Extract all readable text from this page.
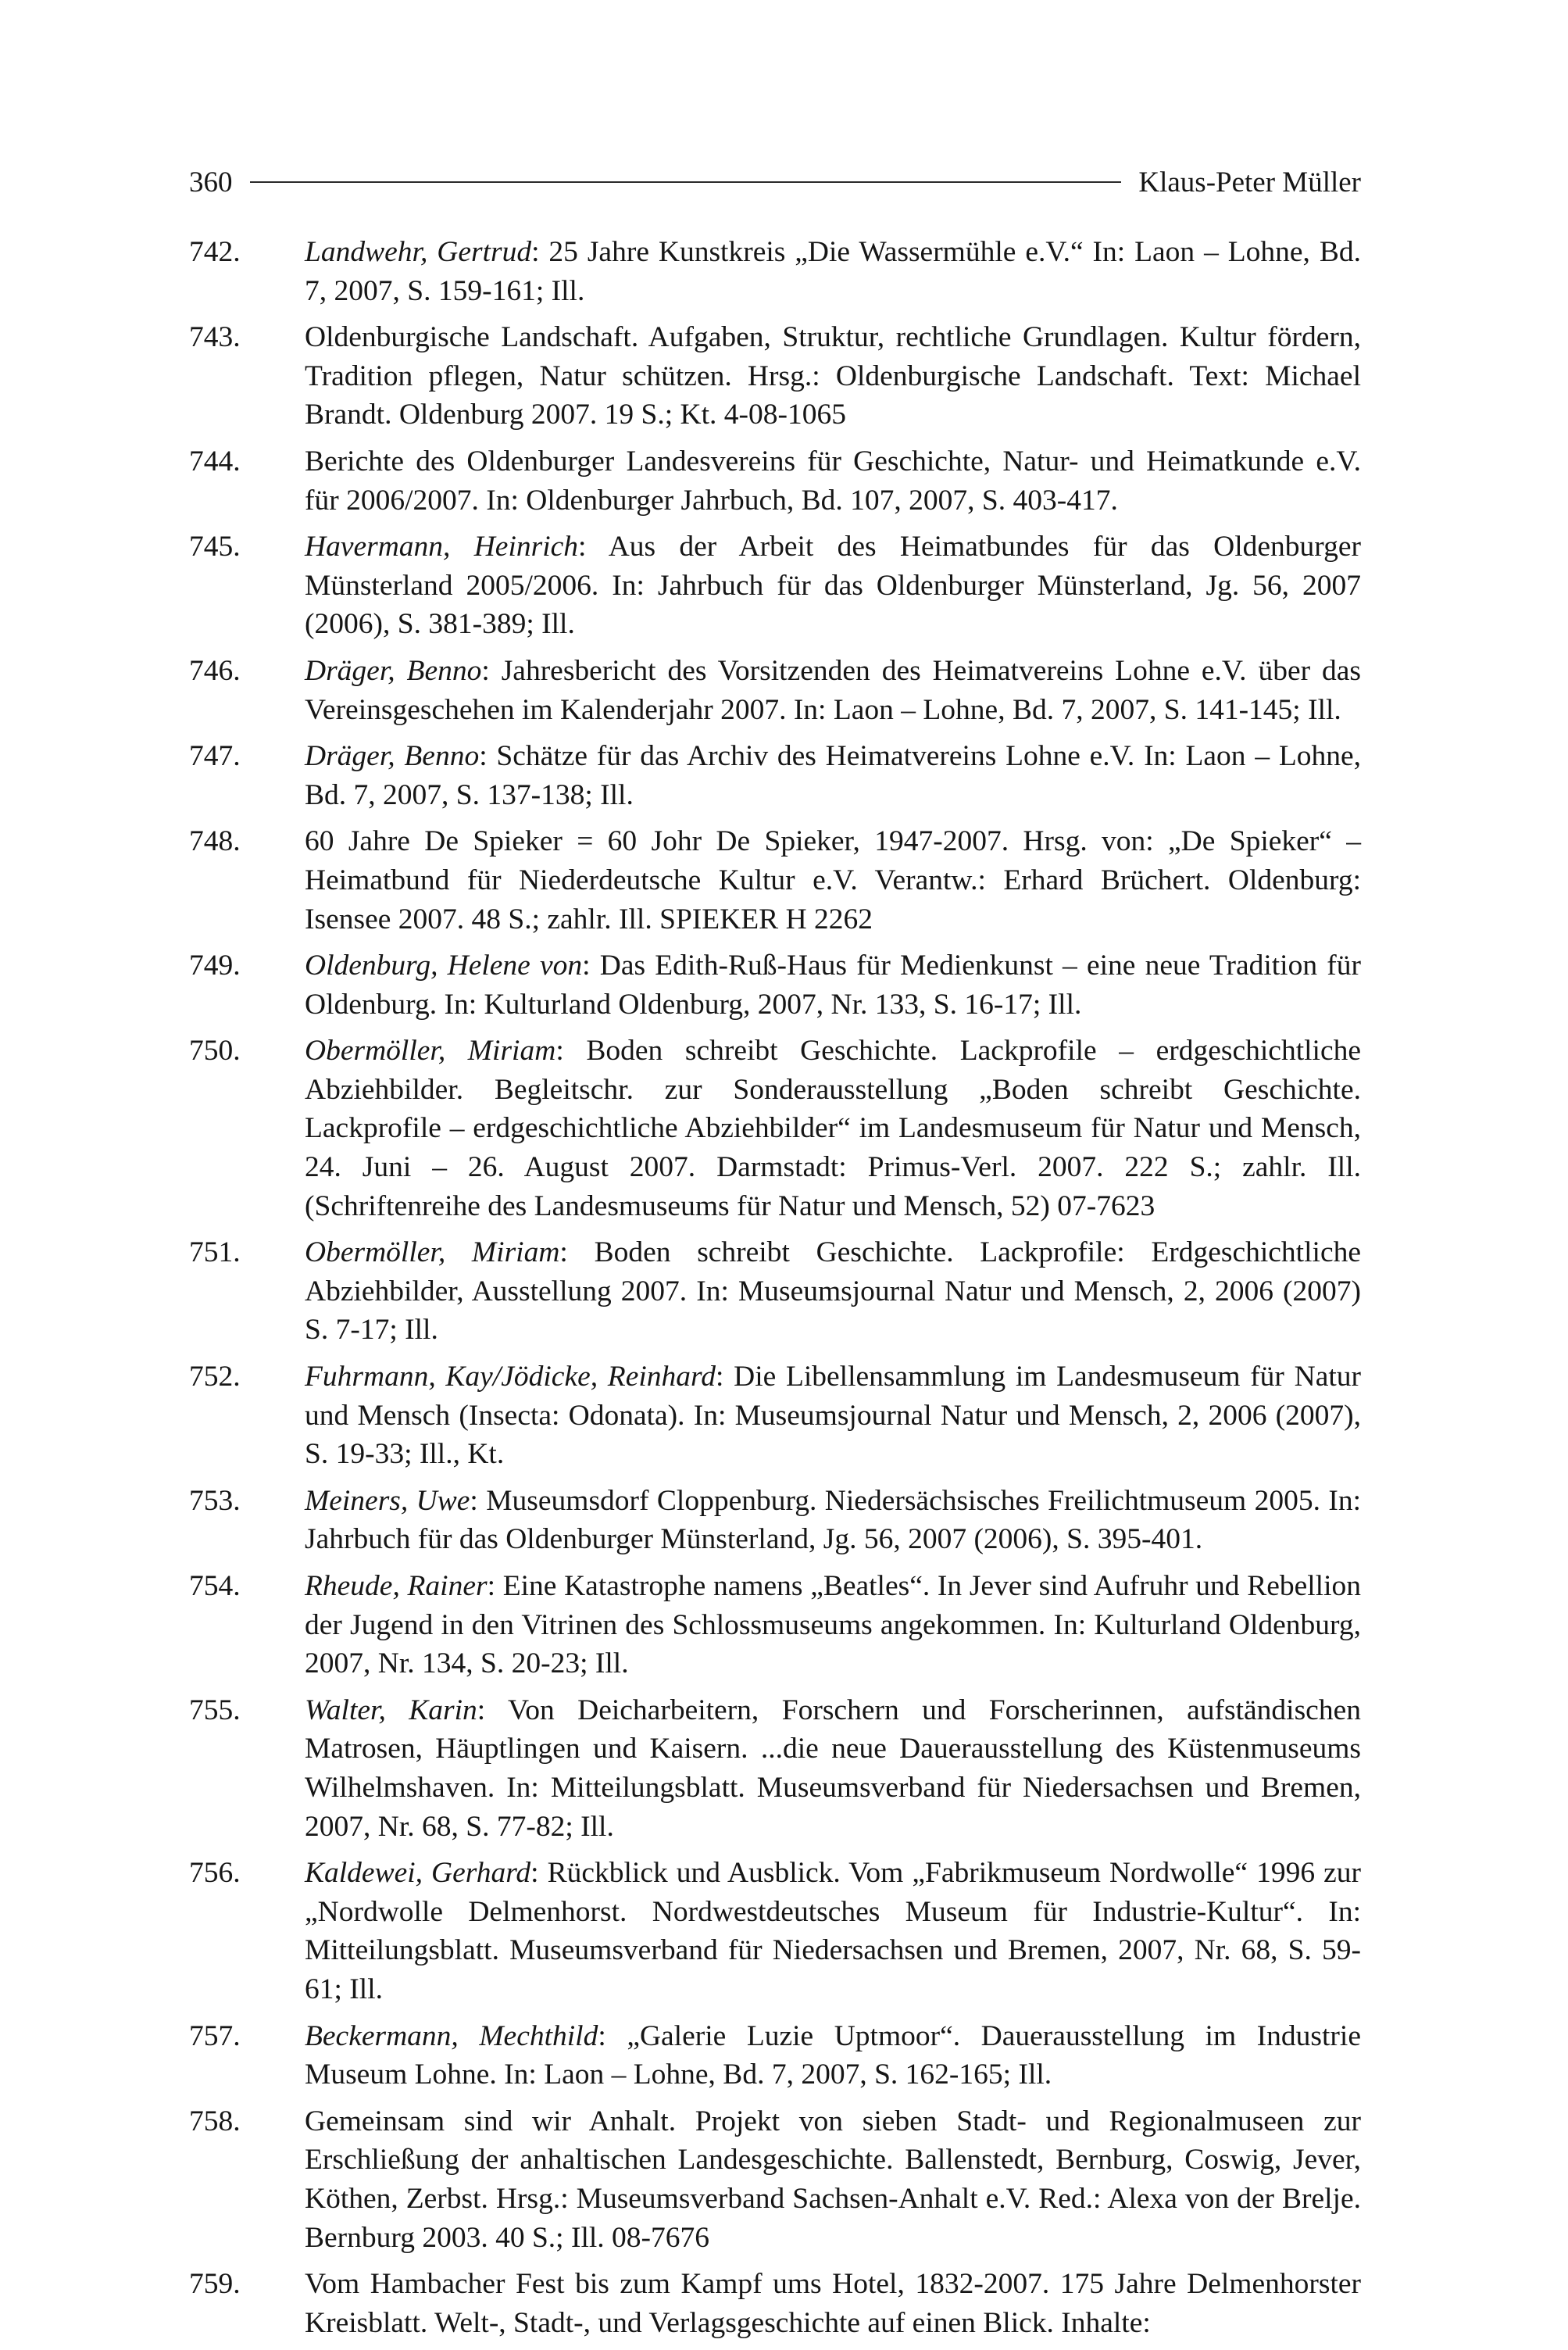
360	Klaus-Peter Müller
742.	Landwehr, Gertrud: 25 Jahre Kunstkreis „Die Wassermühle e.V.“ In: Laon – Lohne, Bd. 7, 2007, S. 159-161; Ill.
743.	Oldenburgische Landschaft. Aufgaben, Struktur, rechtliche Grundlagen. Kultur fördern, Tradition pflegen, Natur schützen. Hrsg.: Oldenburgische Landschaft. Text: Michael Brandt. Oldenburg 2007. 19 S.; Kt. 4-08-1065
744.	Berichte des Oldenburger Landesvereins für Geschichte, Natur- und Heimatkunde e.V. für 2006/2007. In: Oldenburger Jahrbuch, Bd. 107, 2007, S. 403-417.
745.	Havermann, Heinrich: Aus der Arbeit des Heimatbundes für das Oldenburger Münsterland 2005/2006. In: Jahrbuch für das Oldenburger Münsterland, Jg. 56, 2007 (2006), S. 381-389; Ill.
746.	Dräger, Benno: Jahresbericht des Vorsitzenden des Heimatvereins Lohne e.V. über das Vereinsgeschehen im Kalenderjahr 2007. In: Laon – Lohne, Bd. 7, 2007, S. 141-145; Ill.
747.	Dräger, Benno: Schätze für das Archiv des Heimatvereins Lohne e.V. In: Laon – Lohne, Bd. 7, 2007, S. 137-138; Ill.
748.	60 Jahre De Spieker = 60 Johr De Spieker, 1947-2007. Hrsg. von: „De Spieker“ – Heimatbund für Niederdeutsche Kultur e.V. Verantw.: Erhard Brüchert. Oldenburg: Isensee 2007. 48 S.; zahlr. Ill. SPIEKER H 2262
749.	Oldenburg, Helene von: Das Edith-Ruß-Haus für Medienkunst – eine neue Tradition für Oldenburg. In: Kulturland Oldenburg, 2007, Nr. 133, S. 16-17; Ill.
750.	Obermöller, Miriam: Boden schreibt Geschichte. Lackprofile – erdgeschichtliche Abziehbilder. Begleitschr. zur Sonderausstellung „Boden schreibt Geschichte. Lackprofile – erdgeschichtliche Abziehbilder“ im Landesmuseum für Natur und Mensch, 24. Juni – 26. August 2007. Darmstadt: Primus-Verl. 2007. 222 S.; zahlr. Ill. (Schriftenreihe des Landesmuseums für Natur und Mensch, 52) 07-7623
751.	Obermöller, Miriam: Boden schreibt Geschichte. Lackprofile: Erdgeschichtliche Abziehbilder, Ausstellung 2007. In: Museumsjournal Natur und Mensch, 2, 2006 (2007) S. 7-17; Ill.
752.	Fuhrmann, Kay/Jödicke, Reinhard: Die Libellensammlung im Landesmuseum für Natur und Mensch (Insecta: Odonata). In: Museumsjournal Natur und Mensch, 2, 2006 (2007), S. 19-33; Ill., Kt.
753.	Meiners, Uwe: Museumsdorf Cloppenburg. Niedersächsisches Freilichtmuseum 2005. In: Jahrbuch für das Oldenburger Münsterland, Jg. 56, 2007 (2006), S. 395-401.
754.	Rheude, Rainer: Eine Katastrophe namens „Beatles“. In Jever sind Aufruhr und Rebellion der Jugend in den Vitrinen des Schlossmuseums angekommen. In: Kulturland Oldenburg, 2007, Nr. 134, S. 20-23; Ill.
755.	Walter, Karin: Von Deicharbeitern, Forschern und Forscherinnen, aufständischen Matrosen, Häuptlingen und Kaisern. ...die neue Dauerausstellung des Küstenmuseums Wilhelmshaven. In: Mitteilungsblatt. Museumsverband für Niedersachsen und Bremen, 2007, Nr. 68, S. 77-82; Ill.
756.	Kaldewei, Gerhard: Rückblick und Ausblick. Vom „Fabrikmuseum Nordwolle“ 1996 zur „Nordwolle Delmenhorst. Nordwestdeutsches Museum für Industrie-Kultur“. In: Mitteilungsblatt. Museumsverband für Niedersachsen und Bremen, 2007, Nr. 68, S. 59-61; Ill.
757.	Beckermann, Mechthild: „Galerie Luzie Uptmoor“. Dauerausstellung im Industrie Museum Lohne. In: Laon – Lohne, Bd. 7, 2007, S. 162-165; Ill.
758.	Gemeinsam sind wir Anhalt. Projekt von sieben Stadt- und Regionalmuseen zur Erschließung der anhaltischen Landesgeschichte. Ballenstedt, Bernburg, Coswig, Jever, Köthen, Zerbst. Hrsg.: Museumsverband Sachsen-Anhalt e.V. Red.: Alexa von der Brelje. Bernburg 2003. 40 S.; Ill. 08-7676
759.	Vom Hambacher Fest bis zum Kampf ums Hotel, 1832-2007. 175 Jahre Delmenhorster Kreisblatt. Welt-, Stadt-, und Verlagsgeschichte auf einen Blick. Inhalte:
